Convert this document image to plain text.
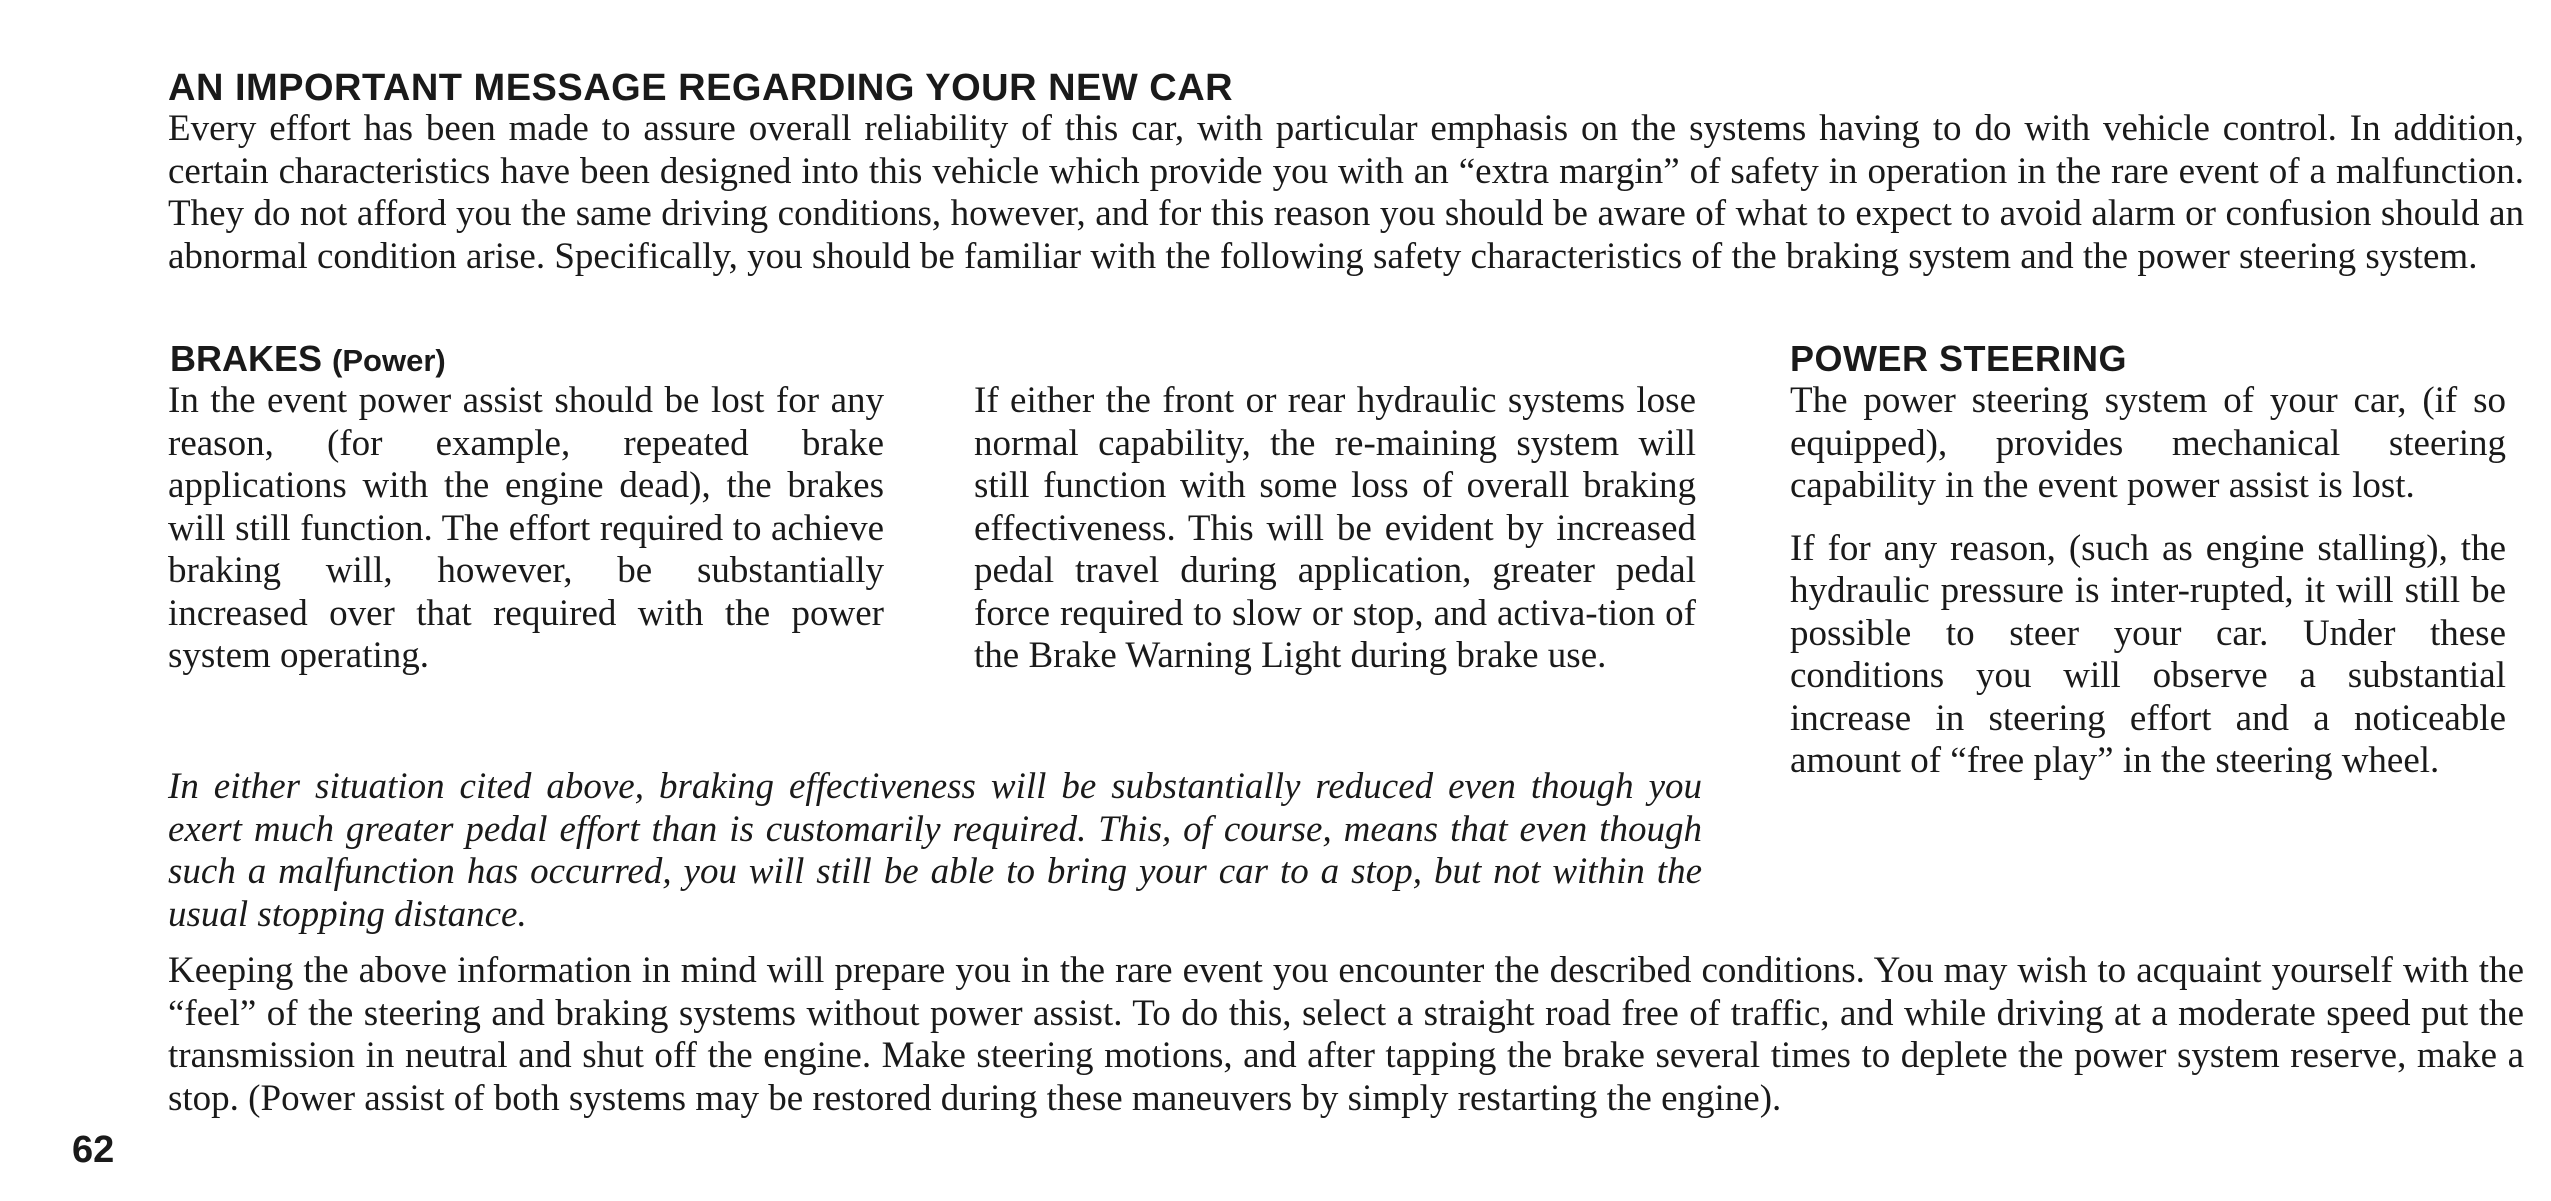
AN IMPORTANT MESSAGE REGARDING YOUR NEW CAR

Every effort has been made to assure overall reliability of this car, with particular emphasis on the systems having to do with vehicle control. In addition, certain characteristics have been designed into this vehicle which provide you with an “extra margin” of safety in operation in the rare event of a malfunction. They do not afford you the same driving conditions, however, and for this reason you should be aware of what to expect to avoid alarm or confusion should an abnormal condition arise. Specifically, you should be familiar with the following safety characteristics of the braking system and the power steering system.

BRAKES (Power)

In the event power assist should be lost for any reason, (for example, repeated brake applications with the engine dead), the brakes will still function. The effort required to achieve braking will, however, be substantially increased over that required with the power system operating.

If either the front or rear hydraulic systems lose normal capability, the re-maining system will still function with some loss of overall braking effectiveness. This will be evident by increased pedal travel during application, greater pedal force required to slow or stop, and activa-tion of the Brake Warning Light during brake use.

In either situation cited above, braking effectiveness will be substantially reduced even though you exert much greater pedal effort than is customarily required. This, of course, means that even though such a malfunction has occurred, you will still be able to bring your car to a stop, but not within the usual stopping distance.

POWER STEERING

The power steering system of your car, (if so equipped), provides mechanical steering capability in the event power assist is lost.

If for any reason, (such as engine stalling), the hydraulic pressure is inter-rupted, it will still be possible to steer your car. Under these conditions you will observe a substantial increase in steering effort and a noticeable amount of “free play” in the steering wheel.

Keeping the above information in mind will prepare you in the rare event you encounter the described conditions. You may wish to acquaint yourself with the “feel” of the steering and braking systems without power assist. To do this, select a straight road free of traffic, and while driving at a moderate speed put the transmission in neutral and shut off the engine. Make steering motions, and after tapping the brake several times to deplete the power system reserve, make a stop. (Power assist of both systems may be restored during these maneuvers by simply restarting the engine).

62
